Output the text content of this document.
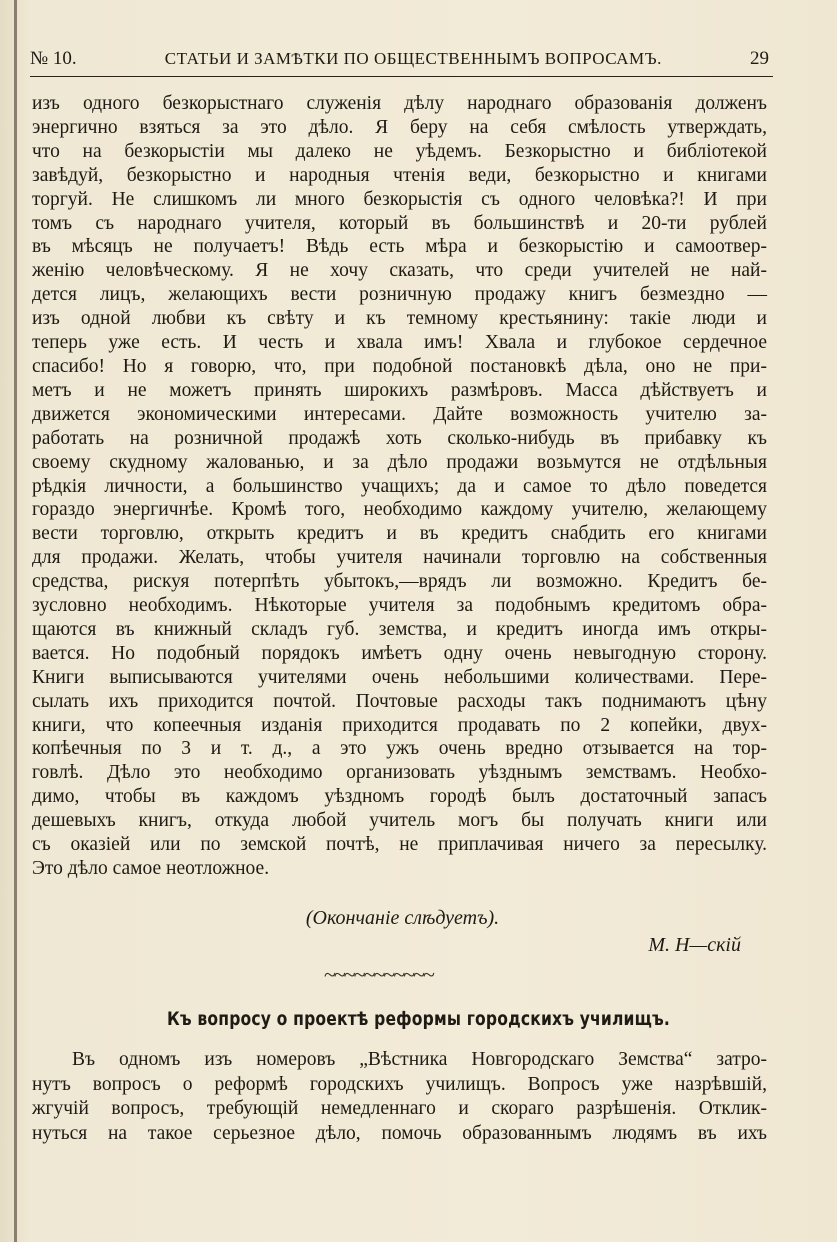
№ 10.	СТАТЬИ И ЗАМѢТКИ ПО ОБЩЕСТВЕННЫМЪ ВОПРОСАМЪ.	29
изъ одного безкорыстнаго служенія дѣлу народнаго образованія долженъ
энергично взяться за это дѣло. Я беру на себя смѣлость утверждать,
что на безкорыстіи мы далеко не уѣдемъ. Безкорыстно и библіотекой
завѣдуй, безкорыстно и народныя чтенія веди, безкорыстно и книгами
торгуй. Не слишкомъ ли много безкорыстія съ одного человѣка?! И при
томъ съ народнаго учителя, который въ большинствѣ и 20-ти рублей
въ мѣсяцъ не получаетъ! Вѣдь есть мѣра и безкорыстію и самоотвер-
женію человѣческому. Я не хочу сказать, что среди учителей не най-
дется лицъ, желающихъ вести розничную продажу книгъ безмездно —
изъ одной любви къ свѣту и къ темному крестьянину: такіе люди и
теперь уже есть. И честь и хвала имъ! Хвала и глубокое сердечное
спасибо! Но я говорю, что, при подобной постановкѣ дѣла, оно не при-
метъ и не можетъ принять широкихъ размѣровъ. Масса дѣйствуетъ и
движется экономическими интересами. Дайте возможность учителю за-
работать на розничной продажѣ хоть сколько-нибудь въ прибавку къ
своему скудному жалованью, и за дѣло продажи возьмутся не отдѣльныя
рѣдкія личности, а большинство учащихъ; да и самое то дѣло поведется
гораздо энергичнѣе. Кромѣ того, необходимо каждому учителю, желающему
вести торговлю, открыть кредитъ и въ кредитъ снабдить его книгами
для продажи. Желать, чтобы учителя начинали торговлю на собственныя
средства, рискуя потерпѣть убытокъ,—врядъ ли возможно. Кредитъ бе-
зусловно необходимъ. Нѣкоторые учителя за подобнымъ кредитомъ обра-
щаются въ книжный складъ губ. земства, и кредитъ иногда имъ откры-
вается. Но подобный порядокъ имѣетъ одну очень невыгодную сторону.
Книги выписываются учителями очень небольшими количествами. Пере-
сылать ихъ приходится почтой. Почтовые расходы такъ поднимаютъ цѣну
книги, что копеечныя изданія приходится продавать по 2 копейки, двух-
копѣечныя по 3 и т. д., а это ужъ очень вредно отзывается на тор-
говлѣ. Дѣло это необходимо организовать уѣзднымъ земствамъ. Необхо-
димо, чтобы въ каждомъ уѣздномъ городѣ былъ достаточный запасъ
дешевыхъ книгъ, откуда любой учитель могъ бы получать книги или
съ оказіей или по земской почтѣ, не приплачивая ничего за пересылку.
Это дѣло самое неотложное.
(Окончаніе слѣдуетъ).
М. Н—скій
~~~~~~~~~~~
Къ вопросу о проектѣ реформы городскихъ училищъ.
Въ одномъ изъ номеровъ „Вѣстника Новгородскаго Земства“ затро-
нутъ вопросъ о реформѣ городскихъ училищъ. Вопросъ уже назрѣвшій,
жгучій вопросъ, требующій немедленнаго и скораго разрѣшенія. Отклик-
нуться на такое серьезное дѣло, помочь образованнымъ людямъ въ ихъ
